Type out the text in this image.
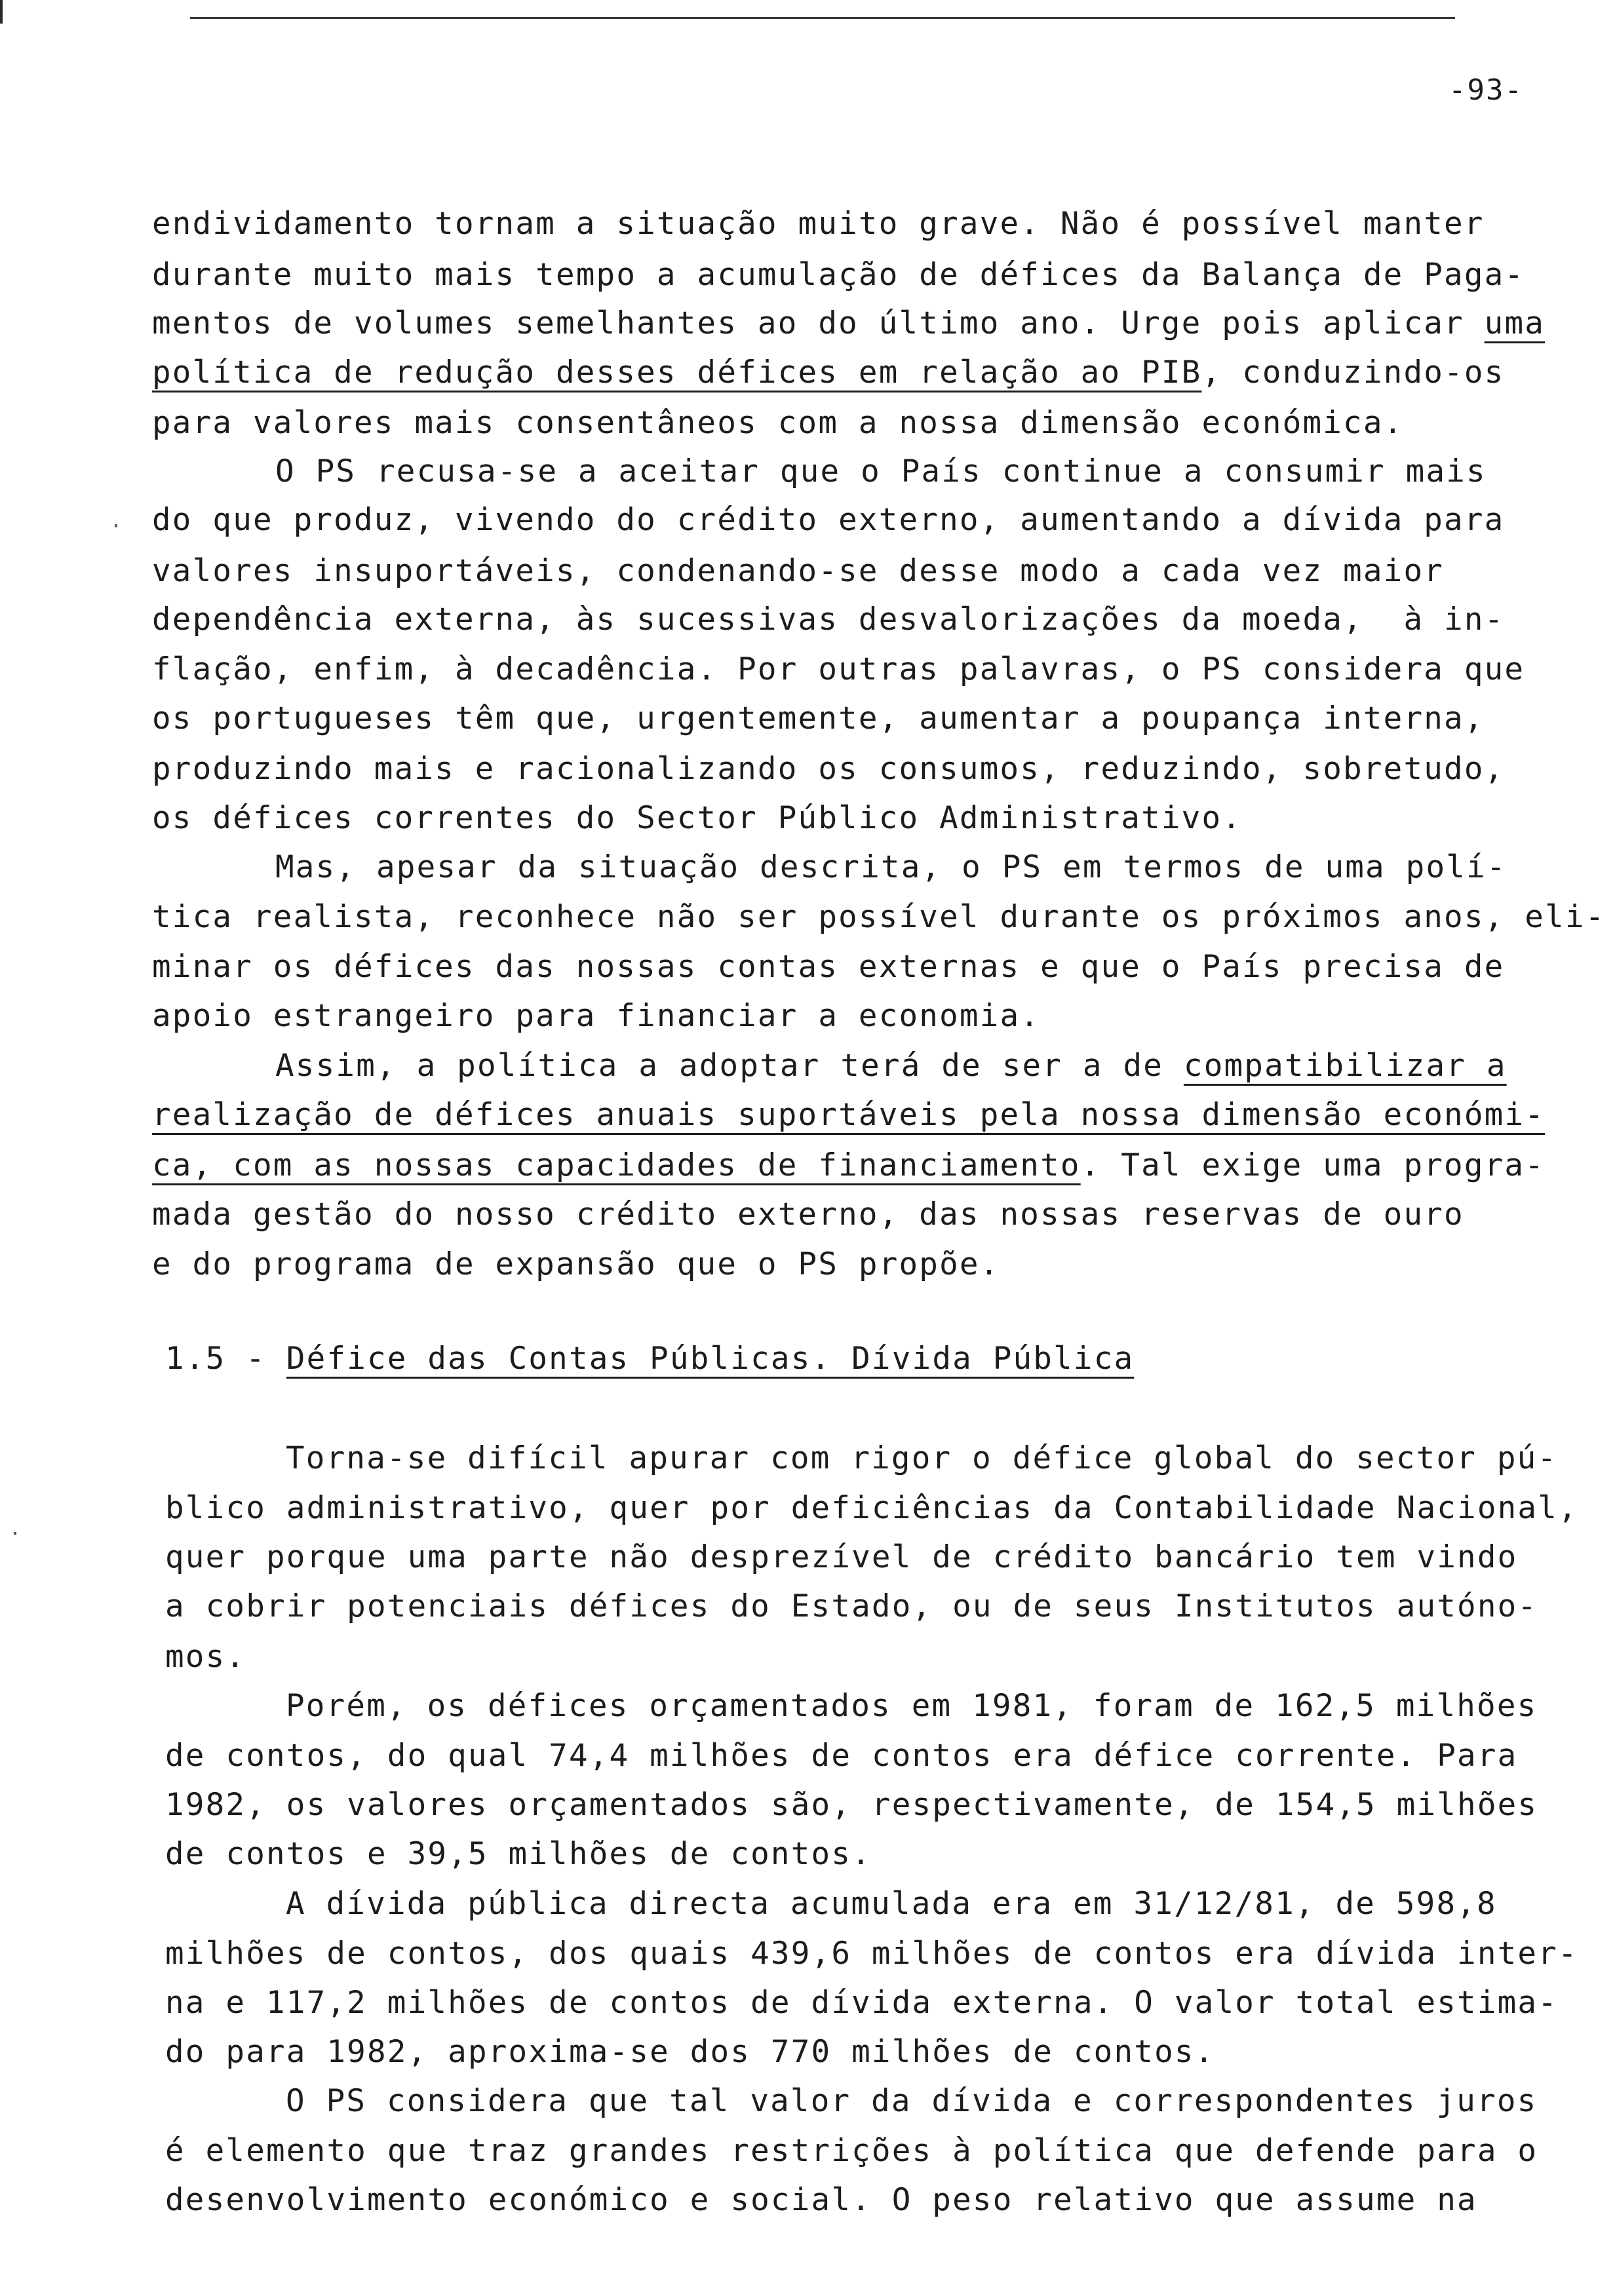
-93-
·
·
endividamento tornam a situação muito grave. Não é possível manter
durante muito mais tempo a acumulação de défices da Balança de Paga-
mentos de volumes semelhantes ao do último ano. Urge pois aplicar uma
política de redução desses défices em relação ao PIB, conduzindo-os
para valores mais consentâneos com a nossa dimensão económica.
O PS recusa-se a aceitar que o País continue a consumir mais
do que produz, vivendo do crédito externo, aumentando a dívida para
valores insuportáveis, condenando-se desse modo a cada vez maior
dependência externa, às sucessivas desvalorizações da moeda,  à in-
flação, enfim, à decadência. Por outras palavras, o PS considera que
os portugueses têm que, urgentemente, aumentar a poupança interna,
produzindo mais e racionalizando os consumos, reduzindo, sobretudo,
os défices correntes do Sector Público Administrativo.
Mas, apesar da situação descrita, o PS em termos de uma polí-
tica realista, reconhece não ser possível durante os próximos anos, eli-
minar os défices das nossas contas externas e que o País precisa de
apoio estrangeiro para financiar a economia.
Assim, a política a adoptar terá de ser a de compatibilizar a
realização de défices anuais suportáveis pela nossa dimensão económi-
ca, com as nossas capacidades de financiamento. Tal exige uma progra-
mada gestão do nosso crédito externo, das nossas reservas de ouro
e do programa de expansão que o PS propõe.
Torna-se difícil apurar com rigor o défice global do sector pú-
blico administrativo, quer por deficiências da Contabilidade Nacional,
quer porque uma parte não desprezível de crédito bancário tem vindo
a cobrir potenciais défices do Estado, ou de seus Institutos autóno-
mos.
Porém, os défices orçamentados em 1981, foram de 162,5 milhões
de contos, do qual 74,4 milhões de contos era défice corrente. Para
1982, os valores orçamentados são, respectivamente, de 154,5 milhões
de contos e 39,5 milhões de contos.
A dívida pública directa acumulada era em 31/12/81, de 598,8
milhões de contos, dos quais 439,6 milhões de contos era dívida inter-
na e 117,2 milhões de contos de dívida externa. O valor total estima-
do para 1982, aproxima-se dos 770 milhões de contos.
O PS considera que tal valor da dívida e correspondentes juros
é elemento que traz grandes restrições à política que defende para o
desenvolvimento económico e social. O peso relativo que assume na
1.5 - Défice das Contas Públicas. Dívida Pública
